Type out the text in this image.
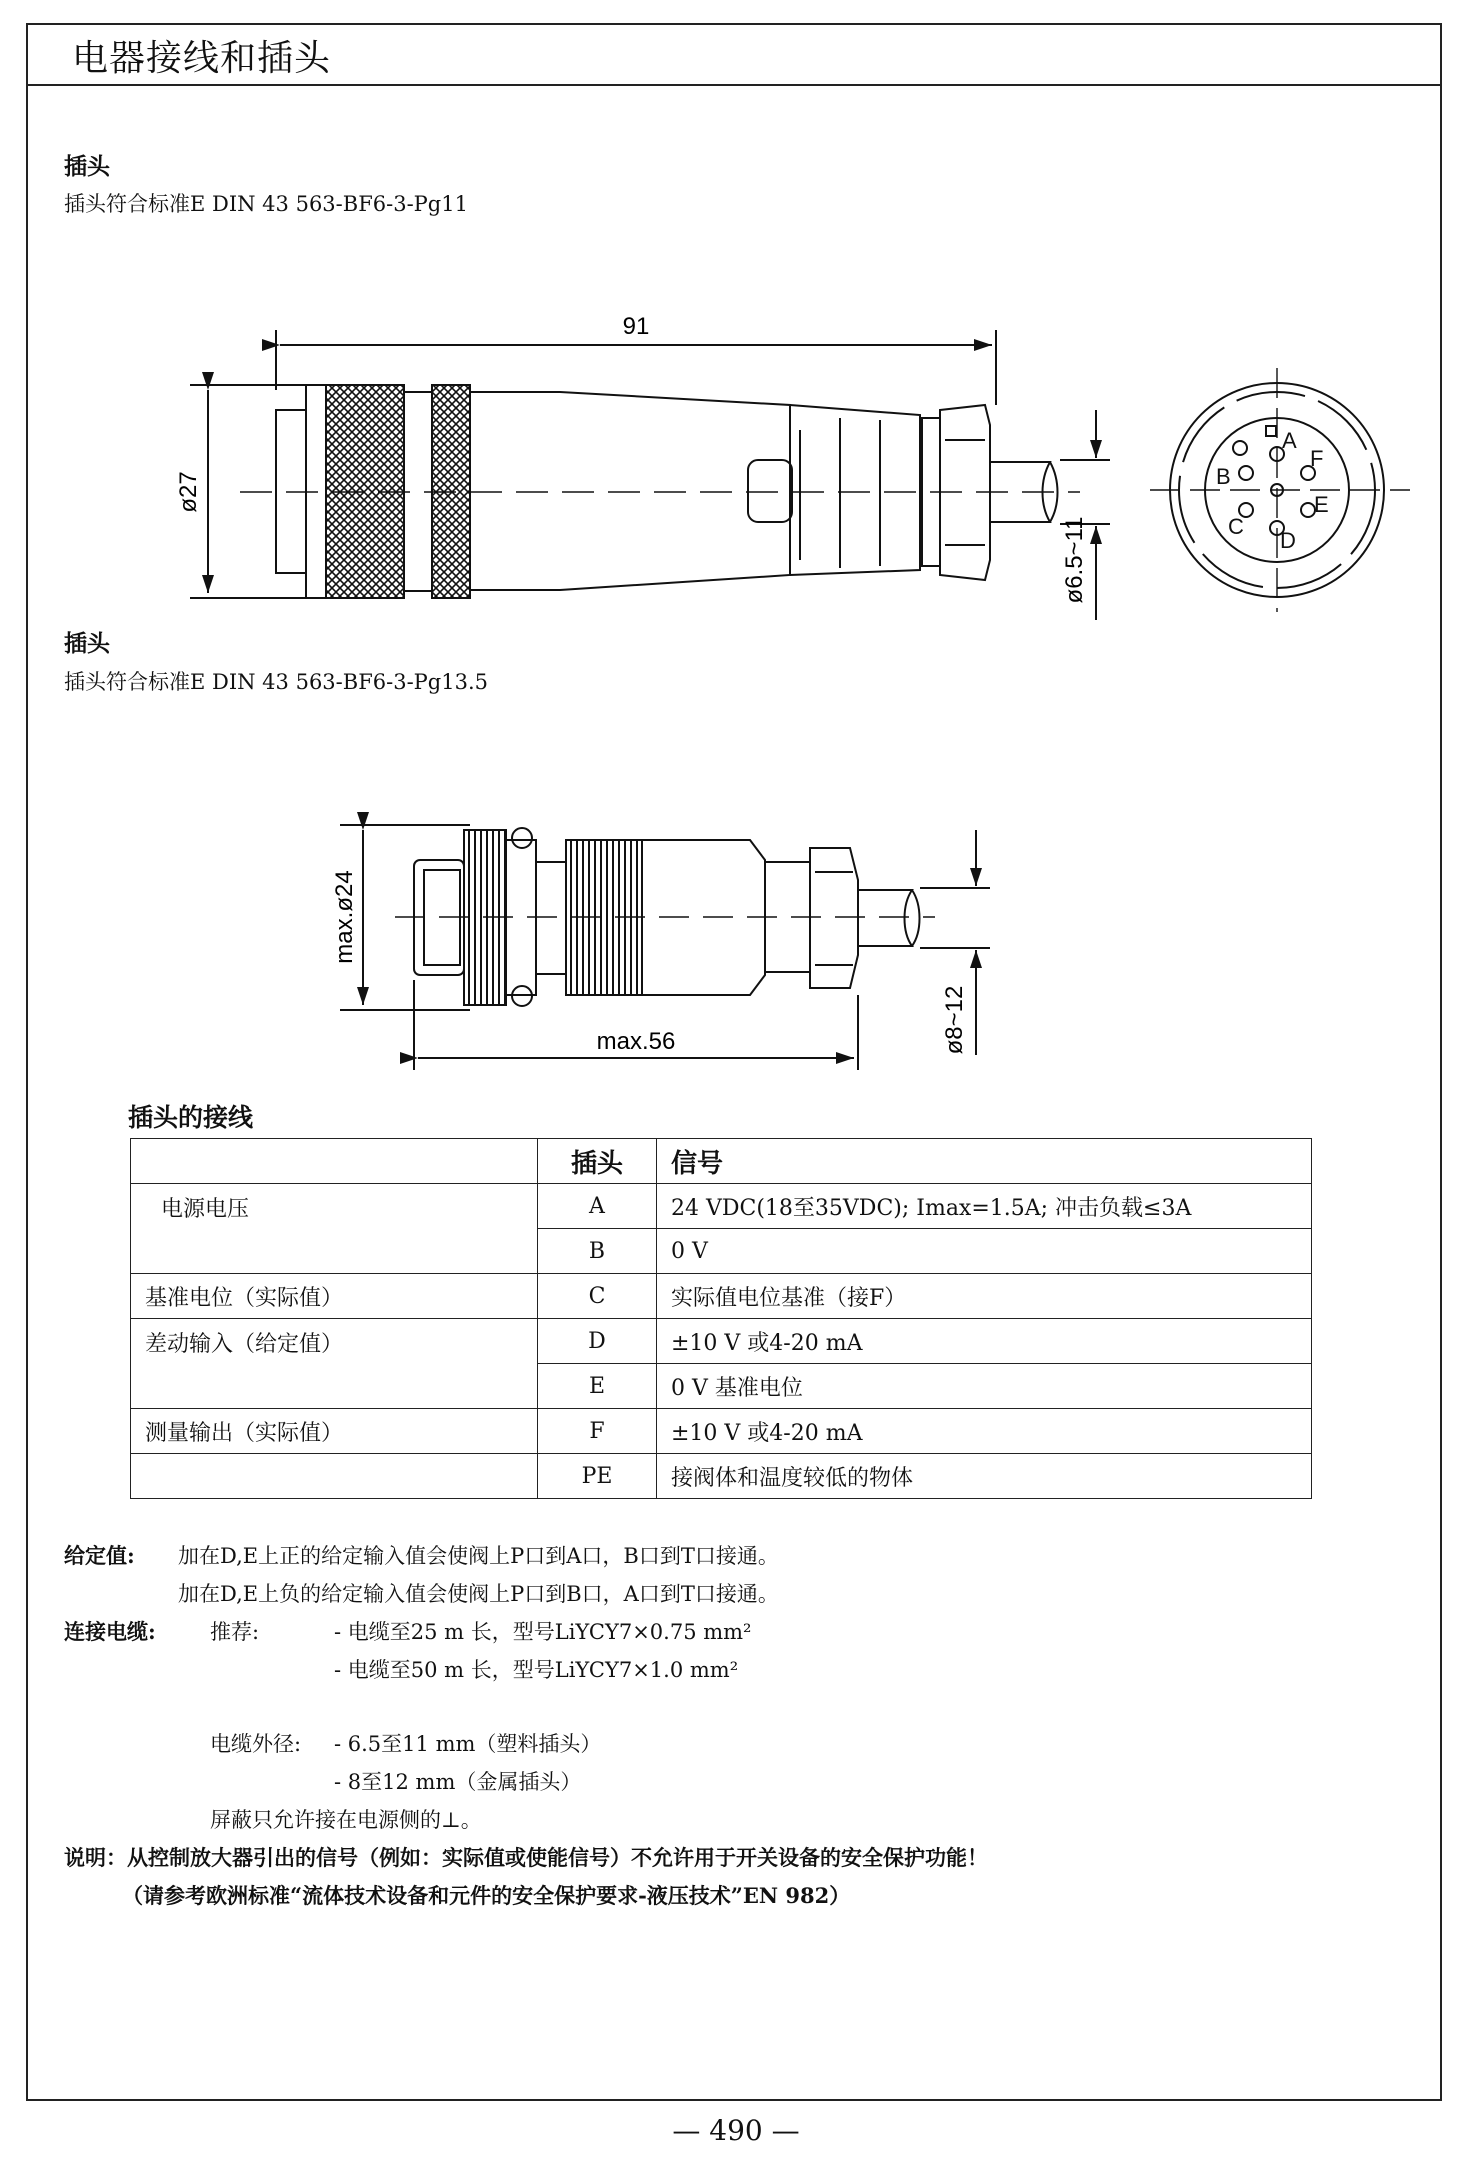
电器接线和插头
插头
插头符合标准E DIN 43 563-BF6-3-Pg11
插头
插头符合标准E DIN 43 563-BF6-3-Pg13.5
91
ø27
ø6.5~11
A
B
C
D
E
F
max.56
max.ø24
ø8~12
插头的接线
	插头	信号
电源电压	A	24 VDC(18至35VDC); Imax=1.5A; 冲击负载≤3A
	B	0 V
基准电位（实际值）	C	实际值电位基准（接F）
差动输入（给定值）	D	±10 V 或4-20 mA
	E	0 V 基准电位
测量输出（实际值）	F	±10 V 或4-20 mA
	PE	接阀体和温度较低的物体
给定值: 加在D,E上正的给定输入值会使阀上P口到A口，B口到T口接通。
加在D,E上负的给定输入值会使阀上P口到B口，A口到T口接通。
连接电缆:	推荐:	- 电缆至25 m 长，型号LiYCY7×0.75 mm²
- 电缆至50 m 长，型号LiYCY7×1.0 mm²
电缆外径: - 6.5至11 mm（塑料插头）
- 8至12 mm（金属插头）
屏蔽只允许接在电源侧的⊥。
说明：从控制放大器引出的信号（例如：实际值或使能信号）不允许用于开关设备的安全保护功能！
（请参考欧洲标准“流体技术设备和元件的安全保护要求-液压技术”EN 982）
— 490 —
